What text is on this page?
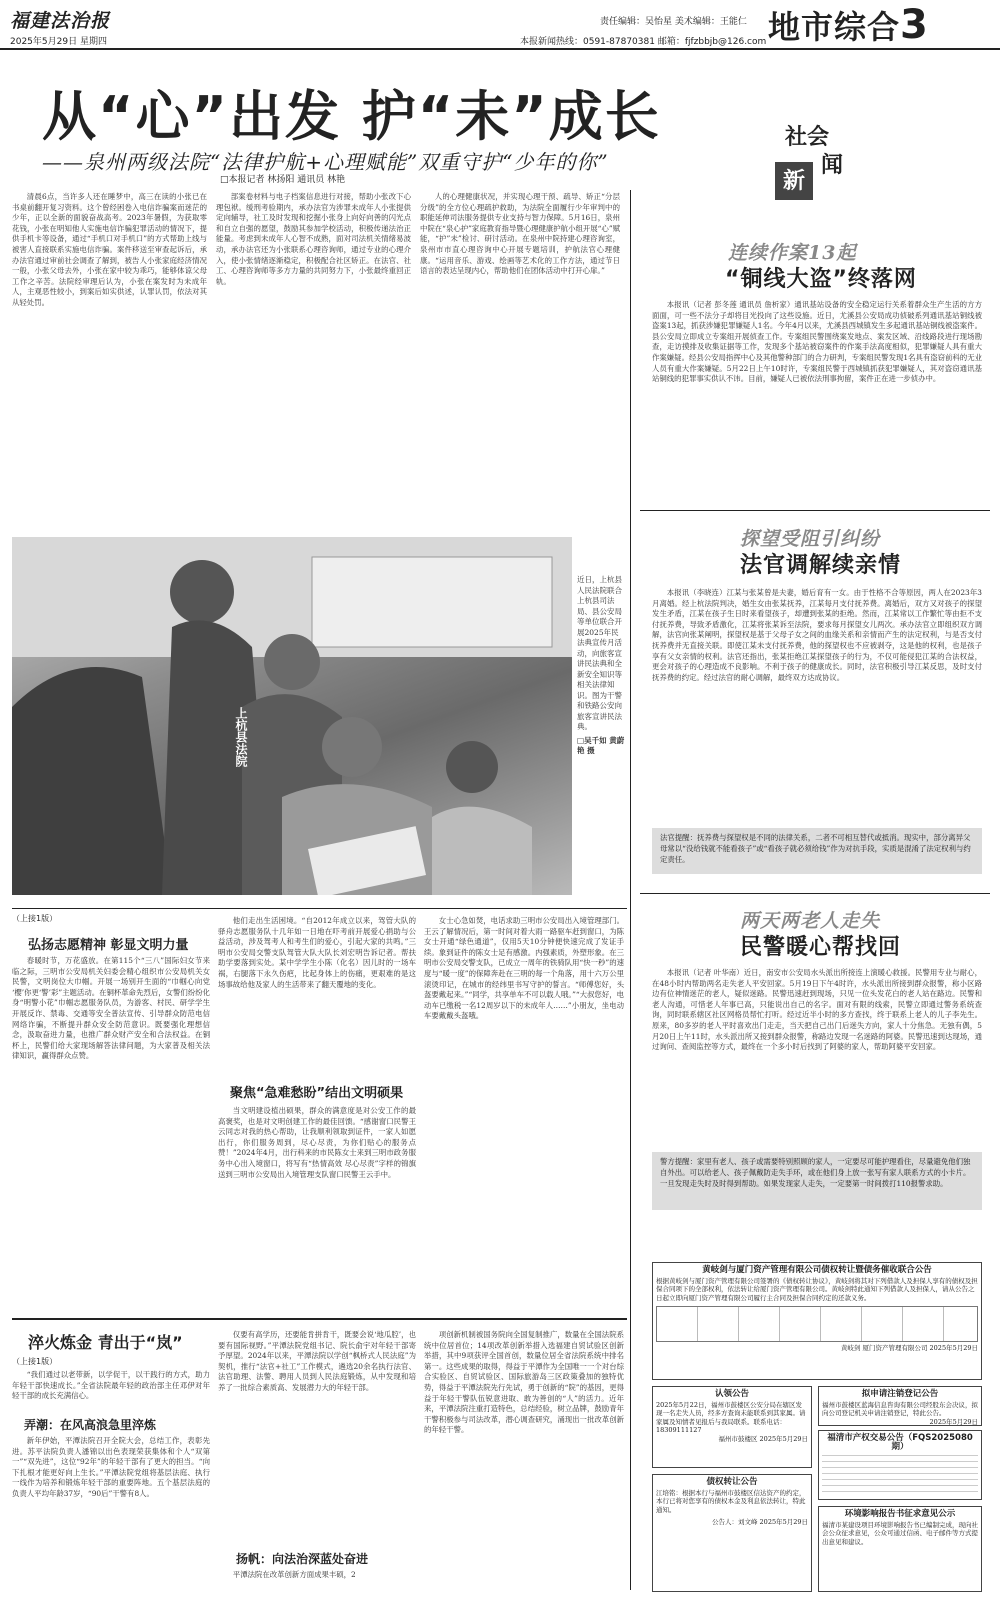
福建法治报
2025年5月29日 星期四
责任编辑：吴怡星 美术编辑：王能仁
本报新闻热线：0591-87870381 邮箱：fjfzbbjb@126.com 地市综合3
从“心”出发 护“未”成长
——泉州两级法院“法律护航+心理赋能”双重守护“少年的你”
□本报记者 林扬阳 通讯员 林艳

清晨6点，当许多人还在睡梦中，高三在读的小张已在书桌前翻开复习资料。这个曾经困卷入电信诈骗案而迷茫的少年，正以全新的面貌奋战高考。2023年暑假，为获取零花钱，小张在明知他人实施电信诈骗犯罪活动的情况下，提供手机卡等设备，通过“手机口对手机口”的方式帮助上线与被害人直接联系实施电信诈骗。案件移送至审查起诉后，承办法官通过审前社会调查了解到，被告人小张家庭经济情况一般，小张父母去外，小张在家中较为乖巧，能够体谅父母工作之辛苦。法院经审理后认为，小张在案发时为未成年人，主观恶性较小，到案后如实供述，认罪认罚，依法对其从轻处罚。

部案卷材料与电子档案信息进行对接，帮助小张改下心理包袱。缓刑考验期内，承办法官为涉罪未成年人小张提供定向辅导，社工及时发现和挖掘小张身上向好向善的闪光点和自立自强的愿望，鼓励其参加学校活动，积极传递法治正能量。考虑到未成年人心智不成熟，面对司法机关情绪易波动，承办法官还为小张联系心理咨询师，通过专业的心理介入，使小张情绪逐渐稳定，积极配合社区矫正。在法官、社工、心理咨询师等多方力量的共同努力下，小张最终重回正轨。

人的心理健康状况，并实现心理干预、疏导、矫正“分层分级”的全方位心理疏护救助，为法院全面履行少年审判中的职能延伸司法服务提供专业支持与智力保障。5月16日，泉州中院在“泉心护”家庭教育指导暨心理健康护航小组开展“心”赋能，“护”未”检讨、研讨活动。在泉州中院持建心理咨询室，泉州市市直心理咨询中心开展专题培训，护航法官心理健康。“运用音乐、游戏、绘画等艺术化的工作方法，通过节日语言的表达呈现内心，帮助他们在团体活动中打开心扉。”

社会
新
闻
连续作案13起
“铜线大盗”终落网

本报讯（记者 彭冬莲 通讯员 詹析家）通讯基站设备的安全稳定运行关系着群众生产生活的方方面面，可一些不法分子却将目光投向了这些设施。近日，尤溪县公安局成功侦破系列通讯基站铜线被盗案13起，抓获涉嫌犯罪嫌疑人1名。今年4月以来，尤溪县西城镇发生多起通讯基站铜线被盗案件。县公安局立即成立专案组开展侦查工作。专案组民警围绕案发地点、案发区域、沿线路段进行现场勘查，走访摸排及收集证据等工作，发现多个基站被窃案件的作案手法高度相似，犯罪嫌疑人具有重大作案嫌疑。经县公安局指挥中心及其他警种部门的合力研判，专案组民警发现1名具有盗窃前科的无业人员有重大作案嫌疑。5月22日上午10时许，专案组民警于西城镇抓获犯罪嫌疑人，其对盗窃通讯基站铜线的犯罪事实供认不讳。目前，嫌疑人已被依法刑事拘留，案件正在进一步侦办中。

探望受阻引纠纷
法官调解续亲情

本报讯（李晓连）江某与张某曾是夫妻，婚后育有一女。由于性格不合等原因，两人在2023年3月离婚。经上杭法院判决，婚生女由张某抚养，江某每月支付抚养费。离婚后，双方又对孩子的探望发生矛盾，江某在孩子生日时来看望孩子，却遭到张某的拒绝。然而，江某常以工作繁忙等由拒不支付抚养费，导致矛盾激化，江某将张某诉至法院，要求每月探望女儿两次。承办法官立即组织双方调解，法官向张某阐明，探望权是基于父母子女之间的血缘关系和亲情而产生的法定权利，与是否支付抚养费并无直接关联。即使江某未支付抚养费，他的探望权也不应被剥夺，这是他的权利，也是孩子享有父女亲情的权利。法官还指出，张某拒绝江某探望孩子的行为，不仅可能侵犯江某的合法权益，更会对孩子的心理造成不良影响。不利于孩子的健康成长。同时，法官积极引导江某反思，及时支付抚养费的约定。经过法官的耐心调解，最终双方达成协议。

法官提醒：抚养费与探望权是不同的法律关系，二者不可相互替代或抵消。现实中，部分离异父母常以“没给钱就不能看孩子”或“看孩子就必须给钱”作为对抗手段，实质是混淆了法定权利与约定责任。
两天两老人走失
民警暖心帮找回

本报讯（记者 叶华南）近日，南安市公安局水头派出所接连上演暖心救援。民警用专业与耐心，在48小时内帮助两名走失老人平安回家。5月19日下午4时许，水头派出所接到群众报警，称小区路边有位神情迷茫的老人，疑似迷路。民警迅速赶到现场，只见一位头发花白的老人站在路边。民警和老人沟通，可惜老人年事已高，只能说出自己的名字。面对有限的线索，民警立即通过警务系统查询，同时联系辖区社区网格员帮忙打听。经过近半小时的多方查找，终于联系上老人的儿子李先生。原来，80多岁的老人平时喜欢出门走走，当天把自己出门后迷失方向，家人十分焦急。无独有偶，5月20日上午11时，水头派出所又接到群众报警，称路边发现一名迷路的阿婆。民警迅速到达现场，通过询问、查阅监控等方式，最终在一个多小时后找到了阿婆的家人，帮助阿婆平安回家。

警方提醒：家里有老人、孩子或需要特别照顾的家人，一定要尽可能护理看住，尽量避免他们独自外出。可以给老人、孩子佩戴防走失手环，或在他们身上放一张写有家人联系方式的小卡片。一旦发现走失时及时得到帮助。如果发现家人走失，一定要第一时间拨打110报警求助。
上杭县法院
近日，上杭县人民法院联合上杭县司法局、县公安局等单位联合开展2025年民法典宣传月活动，向旅客宣讲民法典和全新安全知识等相关法律知识。图为干警和铁路公安向旅客宣讲民法典。
□吴千如 黄蔚艳 摄
（上接1版）
弘扬志愿精神 彰显文明力量

春暖时节，万花盛放。在第115个“三八”国际妇女节来临之际，三明市公安局机关妇委会精心组织市公安局机关女民警，文明岗位大巾帼。开展一场别开生面的“巾帼心向党 ‘樱’你更‘警’彩”主题活动。在铜杯革命先烈后，女警们纷纷化身“明警小花”巾帼志愿服务队员，为游客、村民、研学学生开展反诈、禁毒、交通等安全普法宣传、引导群众防范电信网络诈骗，不断提升群众安全防范意识。既要强化理想信念，汲取奋进力量，也推广群众财产安全和合法权益。在铜杯上，民警们给大家现场解答法律问题，为大家普及相关法律知识，赢得群众点赞。

他们走出生活困境。“自2012年成立以来，驾管大队的驿舟志愿服务队十几年如一日地在吓考前开展爱心捐助与公益活动，涉及驾考人和考生们的爱心，引起大家的共鸣。”三明市公安局交警支队驾管大队大队长刘宏明告诉记者。帮扶助学要落到实处。某中学学生小陈（化名）因儿时的一场车祸，右腿落下永久伤疤，比起身体上的伤痛，更艰难的是这场事故给他及家人的生活带来了翻天覆地的变化。

聚焦“急难愁盼”结出文明硕果

当文明建设植出硕果，群众的满意度是对公安工作的最高褒奖，也是对文明创建工作的最佳回馈。“感谢窗口民警王云同志对我的热心帮助，让我顺利领取到证件，一家人如愿出行，你们服务周到，尽心尽责，为你们贴心的服务点赞！”2024年4月，出行科来的市民陈女士来到三明市政务服务中心出入境窗口，将写有“热情高效 尽心尽责”字样的锦旗送到三明市公安局出入境管理支队窗口民警王云手中。

女士心急如焚，电话求助三明市公安局出入境管理部门。王云了解情况后，第一时间对着大雨一路驱车赶到窗口，为陈女士开通“绿色通道”，仅用5天10分钟便快速完成了发证手续。象到证件的陈女士足有感激。内强素质，外塑形象。在三明市公安局交警支队，已成立一周年的铁骑队用“快一秒”的速度与“暖一度”的保障奔赴在三明的每一个角落，用十六万公里滚烫印记，在城市的经纬里书写守护的誓言。“师傅您好，头盔要戴起来。”“同学，共享单车不可以载人哦。”“大叔您好，电动车已缴税一名12周岁以下的未成年人……”小朋友，坐电动车要戴戴头盔哦。

淬火炼金 青出于“岚”
（上接1版）

“我们通过以老带新，以学促干，以干践行的方式，助力年轻干部快速成长。”全省法院最年轻的政治部主任邓伊对年轻干部的成长充满信心。

弄潮：在风高浪急里淬炼

新年伊始，平潭法院召开全院大会，总结工作，表彰先进。苏平法院负责人潘锦以出色表现荣获集体和个人“双第一”“双先进”，这位“92年”的年轻干部有了更大的担当。“向下扎根才能更好向上生长。”平潭法院党组将基层法庭、执行一线作为培养和锻炼年轻干部的重要阵地。五个基层法庭的负责人平均年龄37岁，“90后”干警有8人。

仅要有高学历，还要能肯拼肯干，既要会说‘地瓜腔’，也要有国际视野。”平潭法院党组书记、院长俞宇对年轻干部寄予厚望。2024年以来，平潭法院以学创“枫桥式人民法庭”为契机，推行“法官+社工”工作模式，遴选20余名执行法官、法官助理、法警、聘用人员到人民法庭锻炼，从中发现和培养了一批综合素质高、发展潜力大的年轻干部。

扬帆：向法治深蓝处奋进

平潭法院在改革创新方面成果丰硕，2

项创新机制被国务院向全国复制推广，数量在全国法院系统中位居首位；14项改革创新举措入选福建自贸试验区创新举措，其中9项获评全国首创，数量位居全省法院系统中排名第一。这些成果的取得，得益于平潭作为全国唯一一个对台综合实验区、自贸试验区、国际旅游岛三区政策叠加的独特优势，得益于平潭法院先行先试，勇于创新的“院”的基因，更得益于年轻干警队伍锐意进取、敢为善创的“人”的活力。近年来，平潭法院注重打造特色，总结经验，树立品牌，鼓励青年干警积极参与司法改革，潜心调查研究，涌现出一批改革创新的年轻干警。

黄岐剑与厦门资产管理有限公司债权转让暨债务催收联合公告
根据黄岐剑与厦门资产管理有限公司签署的《债权转让协议》，黄岐剑将其对下列借款人及担保人享有的债权及担保合同项下的全部权利，依法转让给厦门资产管理有限公司。黄岐剑特此通知下列借款人及担保人，请从公告之日起立即向厦门资产管理有限公司履行主合同及担保合同约定的还款义务。
黄岐剑 厦门资产管理有限公司 2025年5月29日
认领公告
2025年5月22日，福州市鼓楼区公安分局在辖区发现一名走失人员，经多方查询未能联系到其家属。请家属及知情者见报后与我局联系。联系电话：18309111127
福州市鼓楼区 2025年5月29日
拟申请注销登记公告
福州市鼓楼区蓝海信息咨询有限公司经股东会决议，拟向公司登记机关申请注销登记，特此公告。
2025年5月29日
福清市产权交易公告（FQS2025080期）
债权转让公告
江培铭：根据本行与福州市鼓楼区信达资产的约定，本行已将对您享有的债权本金及利息依法转让，特此通知。
公告人：刘文峰 2025年5月29日
环境影响报告书征求意见公示
福清市某建设项目环境影响报告书已编制完成，现向社会公众征求意见，公众可通过信函、电子邮件等方式提出意见和建议。
